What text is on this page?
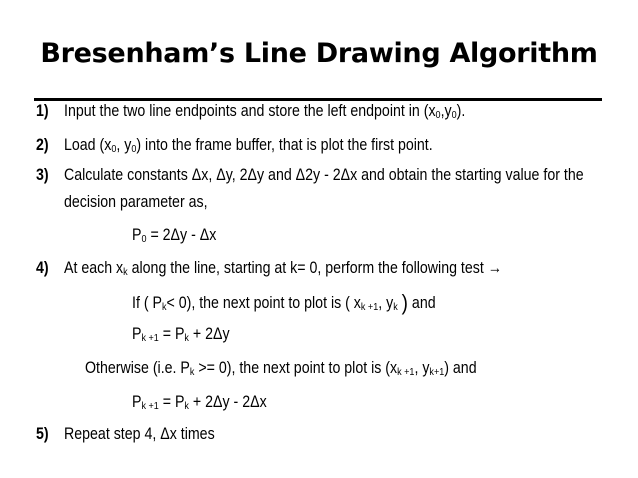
Bresenham’s Line Drawing Algorithm
1) Input the two line endpoints and store the left endpoint in $(x_0,y_0)$.
2) Load ($x_0$, $y_0$) into the frame buffer, that is plot the first point.
3) Calculate constants Δx, Δy, 2Δy and Δ2y - 2Δx and obtain the starting value for the
decision parameter as,
$P_0 = 2\Delta y - \Delta x$
4) At each $x_k$ along the line, starting at k= 0, perform the following test →
If ( $P_k< 0$), the next point to plot is ( $x_{k +1}$, $y_k$ ) and
$P_{k +1} = P_k + 2\Delta y$
Otherwise (i.e. $P_k >= 0$), the next point to plot is ($x_{k +1}$, $y_{k+1}$) and
$P_{k +1} = P_k + 2\Delta y - 2\Delta x$
5) Repeat step 4, Δx times
